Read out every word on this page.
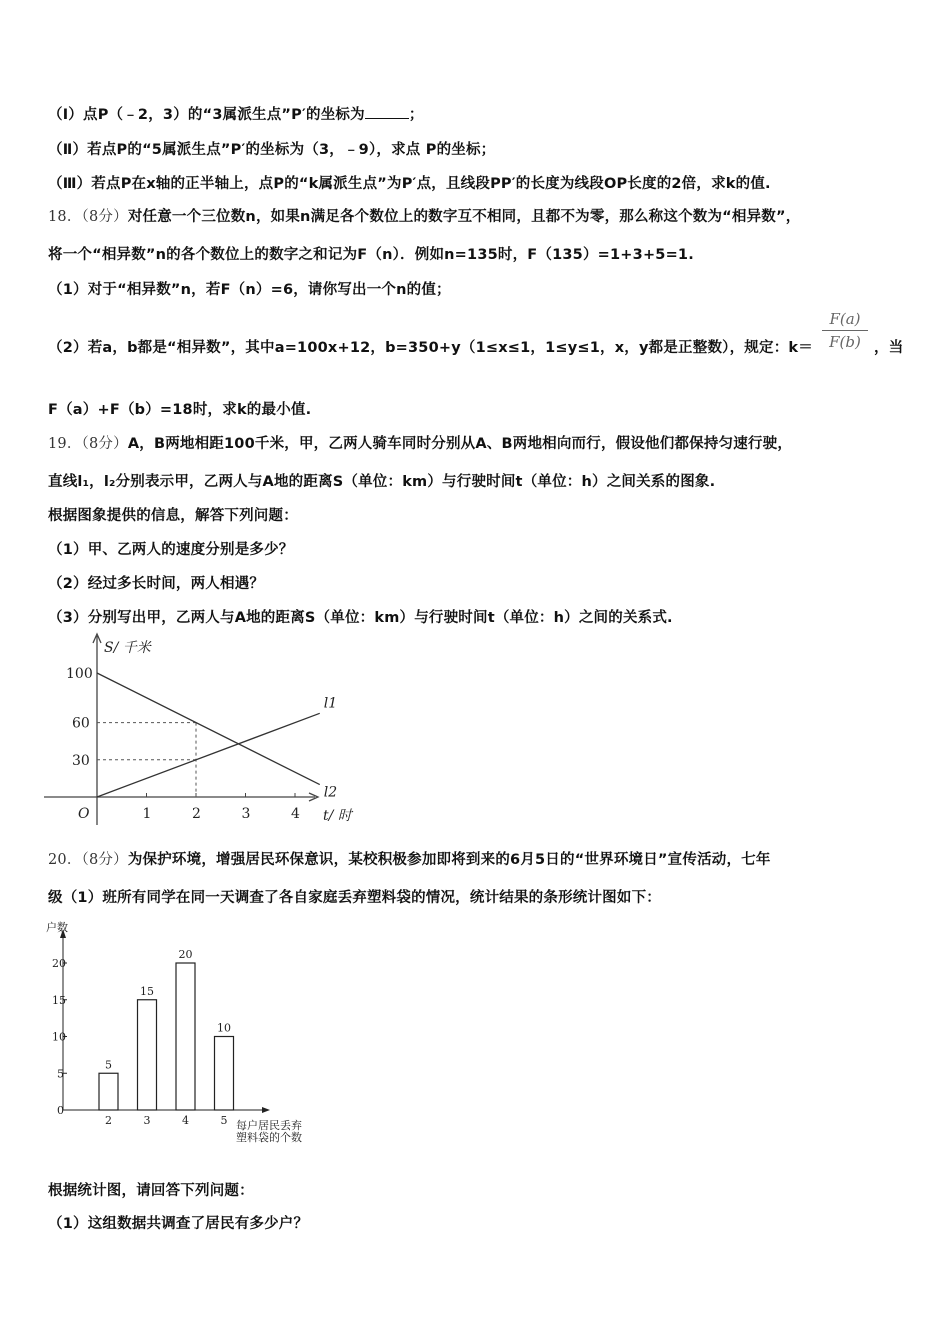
（Ⅰ）点P（﹣2，3）的“3属派生点”P′的坐标为	；
（Ⅱ）若点P的“5属派生点”P′的坐标为（3，﹣9），求点 P的坐标；
（Ⅲ）若点P在x轴的正半轴上，点P的“k属派生点”为P′点，且线段PP′的长度为线段OP长度的2倍，求k的值.
18．（8分）对任意一个三位数n，如果n满足各个数位上的数字互不相同，且都不为零，那么称这个数为“相异数”，
将一个“相异数”n的各个数位上的数字之和记为F（n）．例如n=135时，F（135）=1+3+5=1.
（1）对于“相异数”n，若F（n）=6，请你写出一个n的值；
（2）若a，b都是“相异数”，其中a=100x+12，b=350+y（1≤x≤1，1≤y≤1，x，y都是正整数），规定：k＝	，当
F（a）+F（b）=18时，求k的最小值.
19．（8分）A，B两地相距100千米，甲，乙两人骑车同时分别从A、B两地相向而行，假设他们都保持匀速行驶，
直线l₁，l₂分别表示甲，乙两人与A地的距离S（单位：km）与行驶时间t（单位：h）之间关系的图象.
根据图象提供的信息，解答下列问题：
（1）甲、乙两人的速度分别是多少？
（2）经过多长时间，两人相遇？
（3）分别写出甲，乙两人与A地的距离S（单位：km）与行驶时间t（单位：h）之间的关系式.
20．（8分）为保护环境，增强居民环保意识，某校积极参加即将到来的6月5日的“世界环境日”宣传活动，七年
级（1）班所有同学在同一天调查了各自家庭丢弃塑料袋的情况，统计结果的条形统计图如下：
根据统计图，请回答下列问题：
（1）这组数据共调查了居民有多少户？
$\frac{F(a)}{F(b)}$
S/ 千米
t/ 时
O	1	2	3	4
30
60
100
l1
l2
户数
每户居民丢弃
塑料袋的个数
0
5
10
15
20
5
2
15
3
20
4
10
5
